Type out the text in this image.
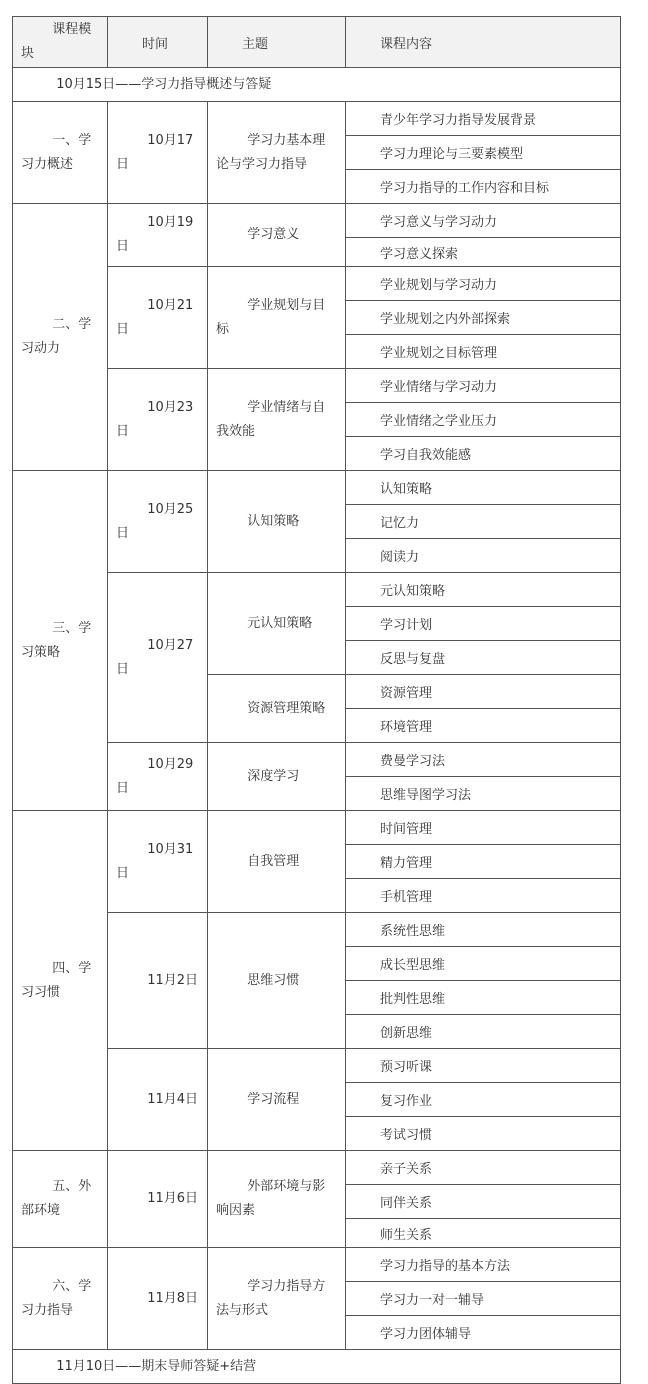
课程模块	时间	主题	课程内容

10月15日——学习力指导概述与答疑			

一、学习力概述	10月17日	学习力基本理论与学习力指导	青少年学习力指导发展背景
			学习力理论与三要素模型
			学习力指导的工作内容和目标

二、学习动力	10月19日	学习意义	学习意义与学习动力
			学习意义探索

	10月21日	学业规划与目标	学业规划与学习动力
			学业规划之内外部探索
			学业规划之目标管理

	10月23日	学业情绪与自我效能	学业情绪与学习动力
			学业情绪之学业压力
			学习自我效能感

三、学习策略	10月25日	认知策略	认知策略
			记忆力
			阅读力

	10月27日	元认知策略	元认知策略
			学习计划
			反思与复盘

		资源管理策略	资源管理
			环境管理

	10月29日	深度学习	费曼学习法
			思维导图学习法

四、学习习惯	10月31日	自我管理	时间管理
			精力管理
			手机管理

	11月2日	思维习惯	系统性思维
			成长型思维
			批判性思维
			创新思维

	11月4日	学习流程	预习听课
			复习作业
			考试习惯

五、外部环境	11月6日	外部环境与影响因素	亲子关系
			同伴关系
			师生关系

六、学习力指导	11月8日	学习力指导方法与形式	学习力指导的基本方法
			学习力一对一辅导
			学习力团体辅导

11月10日——期末导师答疑+结营			
